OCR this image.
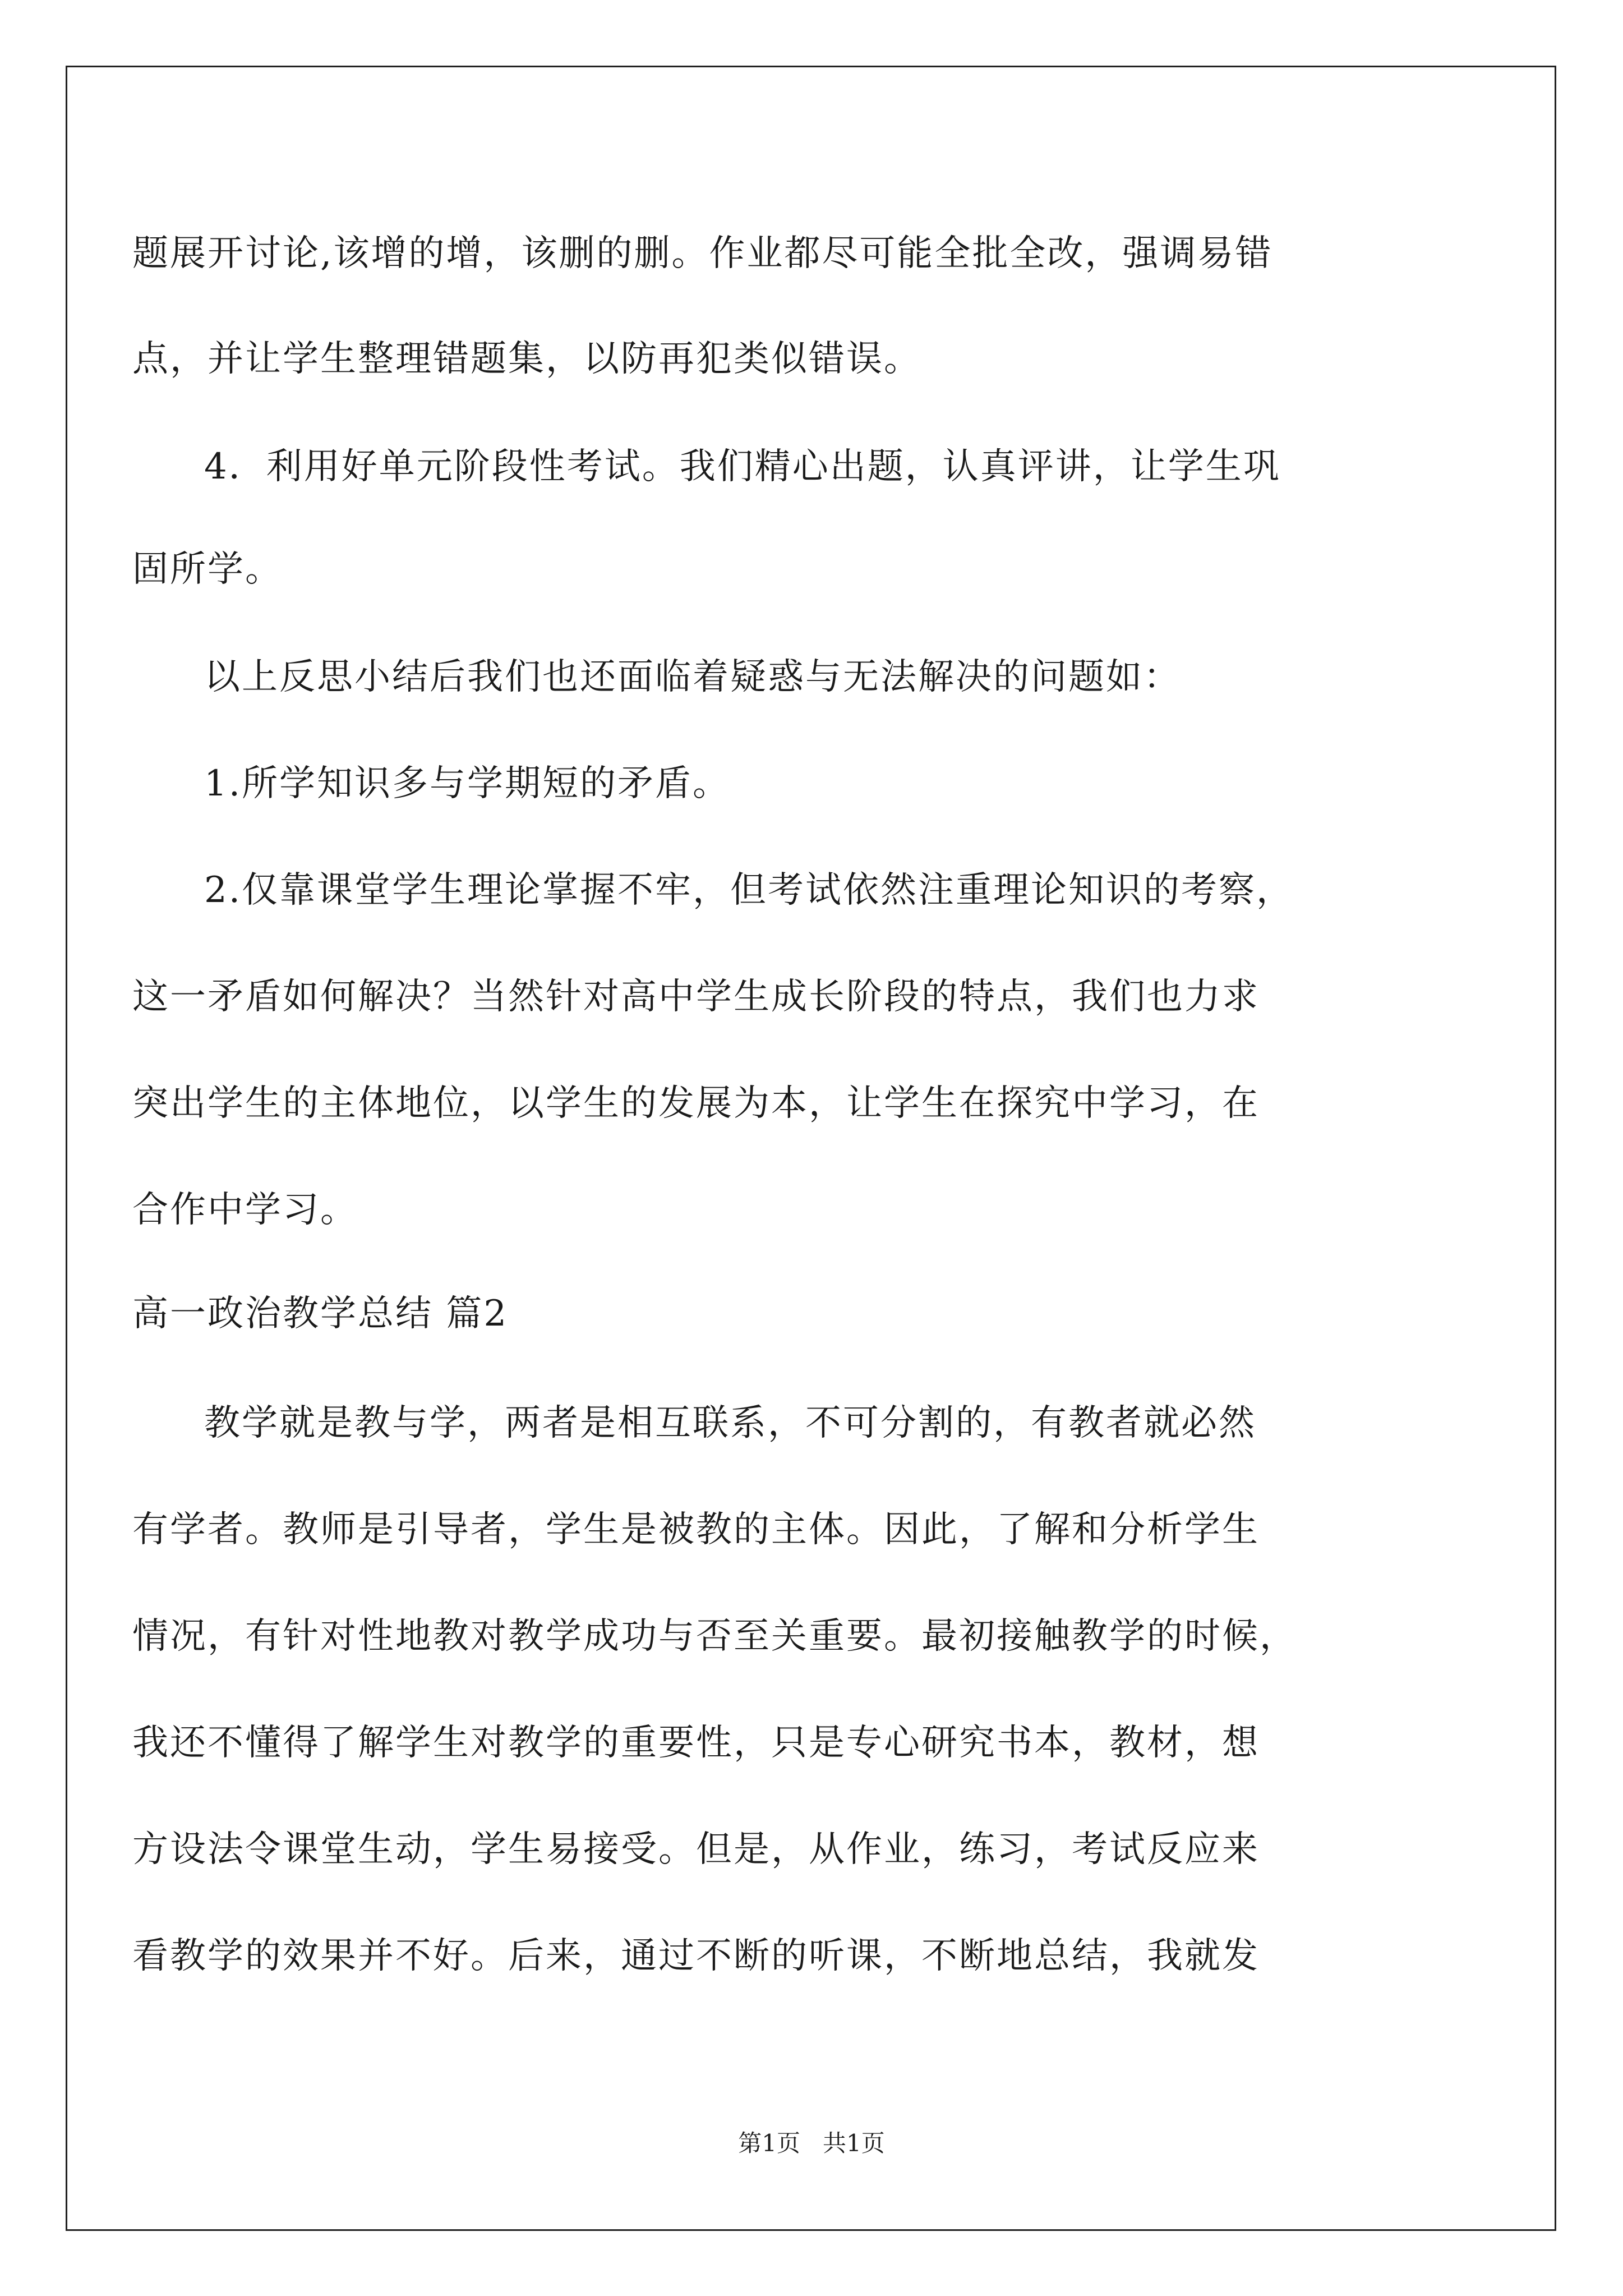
题展开讨论,该增的增，该删的删。作业都尽可能全批全改，强调易错
点，并让学生整理错题集，以防再犯类似错误。
4．利用好单元阶段性考试。我们精心出题，认真评讲，让学生巩
固所学。
以上反思小结后我们也还面临着疑惑与无法解决的问题如：
1.所学知识多与学期短的矛盾。
2.仅靠课堂学生理论掌握不牢，但考试依然注重理论知识的考察，
这一矛盾如何解决？当然针对高中学生成长阶段的特点，我们也力求
突出学生的主体地位，以学生的发展为本，让学生在探究中学习，在
合作中学习。
高一政治教学总结 篇2
教学就是教与学，两者是相互联系，不可分割的，有教者就必然
有学者。教师是引导者，学生是被教的主体。因此，了解和分析学生
情况，有针对性地教对教学成功与否至关重要。最初接触教学的时候，
我还不懂得了解学生对教学的重要性，只是专心研究书本，教材，想
方设法令课堂生动，学生易接受。但是，从作业，练习，考试反应来
看教学的效果并不好。后来，通过不断的听课，不断地总结，我就发
第1页   共1页
